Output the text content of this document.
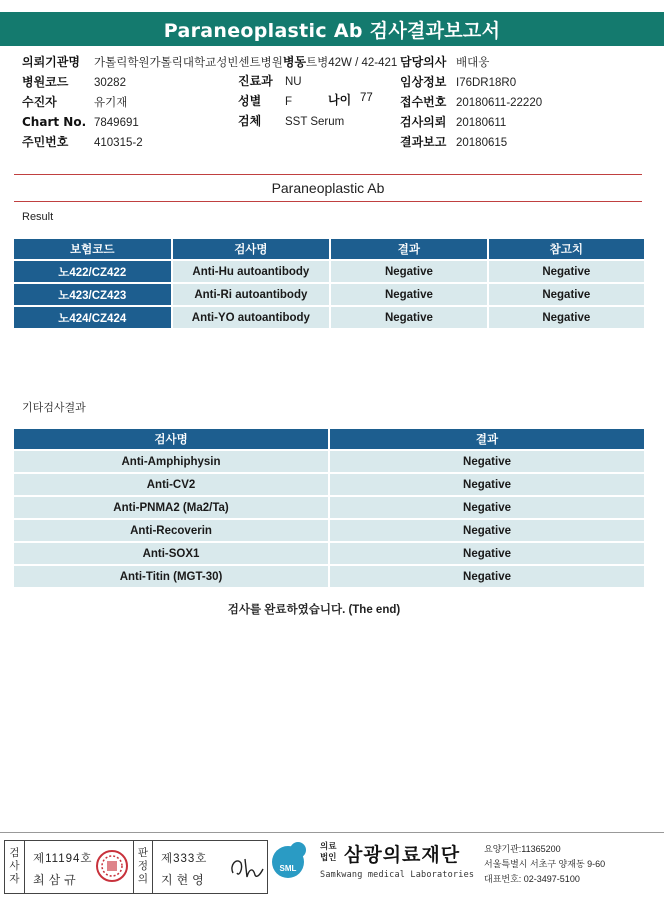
Paraneoplastic Ab 검사결과보고서
의뢰기관명 가톨릭학원가톨릭대학교성빈센트병원병동트병42W / 42-421
병원코드 30282
수진자	유기재
Chart No. 7849691
주민번호 410315-2
진료과 NU
성별 F
검체 SST Serum
나이 77
담당의사 배대웅
임상정보 I76DR18R0
접수번호 20180611-22220
검사의뢰 20180611
결과보고 20180615
Paraneoplastic Ab
Result
보험코드	검사명	결과	참고치
노422/CZ422	Anti-Hu autoantibody	Negative	Negative
노423/CZ423	Anti-Ri autoantibody	Negative	Negative
노424/CZ424	Anti-YO autoantibody	Negative	Negative
기타검사결과
검사명	결과
Anti-Amphiphysin	Negative
Anti-CV2	Negative
Anti-PNMA2 (Ma2/Ta)	Negative
Anti-Recoverin	Negative
Anti-SOX1	Negative
Anti-Titin (MGT-30)	Negative
검사를 완료하였습니다. (The end)
검사자
제11194호
최삼규
판정의
제333호
지현영
SML
의료
법인 삼광의료재단
Samkwang medical Laboratories
요양기관:11365200
서울특별시 서초구 양재동 9-60
대표번호: 02-3497-5100
